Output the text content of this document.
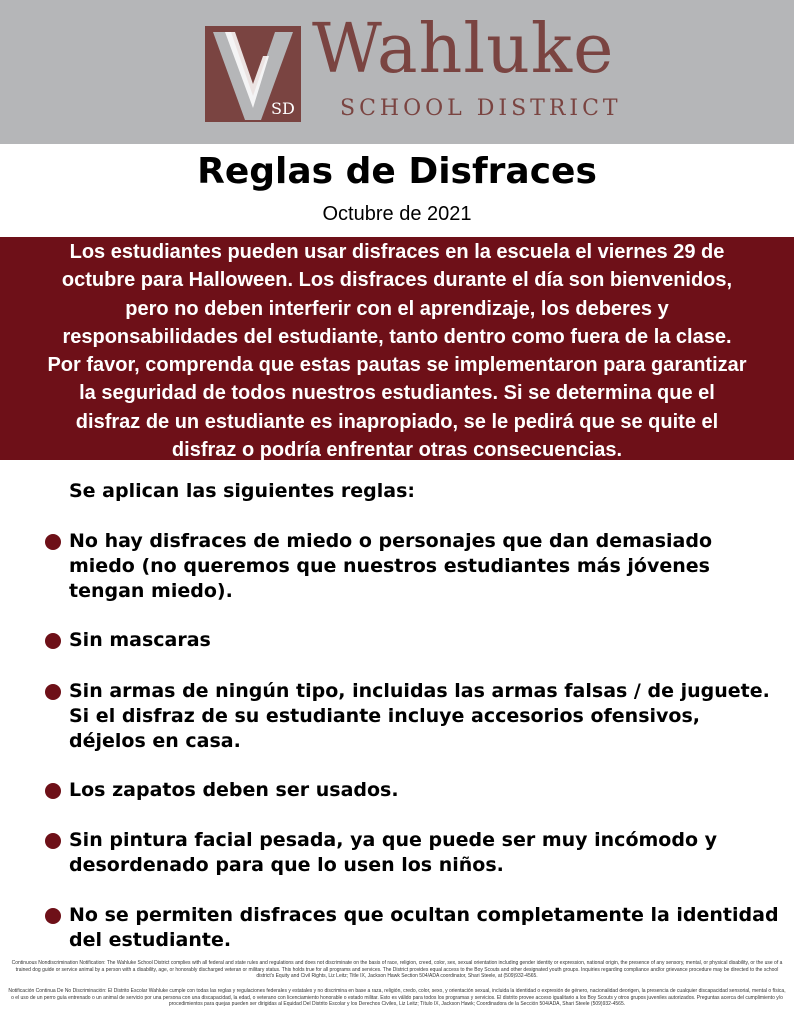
SD
Wahluke
SCHOOL DISTRICT
Reglas de Disfraces
Octubre de 2021
Los estudiantes pueden usar disfraces en la escuela el viernes 29 de
octubre para Halloween. Los disfraces durante el día son bienvenidos,
pero no deben interferir con el aprendizaje, los deberes y
responsabilidades del estudiante, tanto dentro como fuera de la clase.
Por favor, comprenda que estas pautas se implementaron para garantizar
la seguridad de todos nuestros estudiantes. Si se determina que el
disfraz de un estudiante es inapropiado, se le pedirá que se quite el
disfraz o podría enfrentar otras consecuencias.
Se aplican las siguientes reglas:
No hay disfraces de miedo o personajes que dan demasiado miedo (no queremos que nuestros estudiantes más jóvenes tengan miedo).
Sin mascaras
Sin armas de ningún tipo, incluidas las armas falsas / de juguete. Si el disfraz de su estudiante incluye accesorios ofensivos, déjelos en casa.
Los zapatos deben ser usados.
Sin pintura facial pesada, ya que puede ser muy incómodo y desordenado para que lo usen los niños.
No se permiten disfraces que ocultan completamente la identidad del estudiante.
Continuous Nondiscrimination Notification: The Wahluke School District complies with all federal and state rules and regulations and does not discriminate on the basis of race, religion, creed, color, sex, sexual orientation including gender identity or expression, national origin, the presence of any sensory, mental, or physical disability, or the use of a trained dog guide or service animal by a person with a disability, age, or honorably discharged veteran or military status. This holds true for all programs and services. The District provides equal access to the Boy Scouts and other designated youth groups. Inquiries regarding compliance and/or grievance procedure may be directed to the school district's Equity and Civil Rights, Liz Leitz; Title IX, Jackson Hawk Section 504/ADA coordinator, Shari Steele, at (509)932-4565.
Notificación Continua De No Discriminación: El Distrito Escolar Wahluke cumple con todas las reglas y regulaciones federales y estatales y no discrimina en base a raza, religión, credo, color, sexo, y orientación sexual, incluida la identidad o expresión de género, nacionalidad deorigen, la presencia de cualquier discapacidad sensorial, mental o física, o el uso de un perro guía entrenado o un animal de servicio por una persona con una discapacidad, la edad, o veterano con licenciamiento honorable o estado militar. Esto es válido para todos los programas y servicios. El distrito provee acceso igualitario a los Boy Scouts y otros grupos juveniles autorizados. Preguntas acerca del cumplimiento y/o procedimientos para quejas pueden ser dirigidas al Equidad Del Distrito Escolar y los Derechos Civiles, Liz Leitz; Título IX, Jackson Hawk; Coordinadora de la Sección 504/ADA, Shari Steele (509)932-4565.
